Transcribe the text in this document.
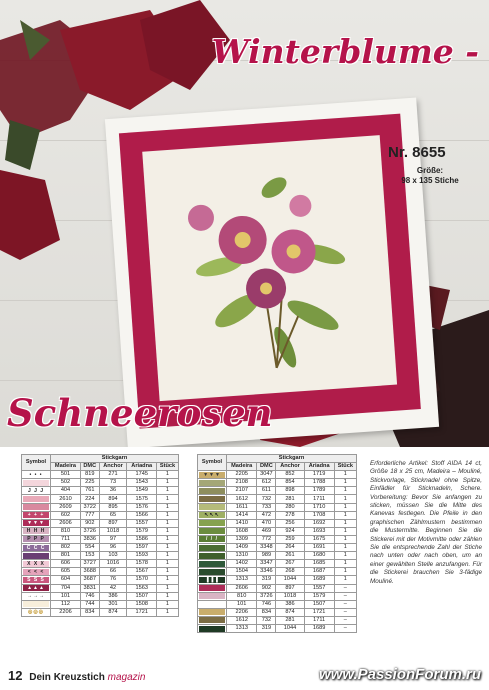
Winterblume -
Nr. 8655
Größe:
98 x 135 Stiche
Schneerosen
Symbol	Stickgarn				
	Madeira	DMC	Anchor	Ariadna	Stück

• • •	501	819	271	1745	1

	502	225	73	1543	1

J J J	404	761	36	1549	1

	2610	224	894	1575	1

	2609	3722	895	1576	1

+ + +	602	777	65	1566	1

▼▼▼	2606	902	897	1557	1

H H H	810	3726	1018	1579	1

P P P	711	3836	97	1586	1

C C C	802	554	96	1597	1

	801	153	103	1593	1

X X X	606	3727	1016	1578	1

< < <	605	3688	66	1567	1

S S S	604	3687	76	1570	1

▲▲▲	704	3831	42	1563	1

→→→	101	746	386	1507	1

	112	744	301	1508	1

◎◎◎	2206	834	874	1721	1
Symbol	Stickgarn				
	Madeira	DMC	Anchor	Ariadna	Stück

▼▼▼	2205	3047	852	1719	1

	2108	612	854	1788	1

	2107	611	898	1789	1

	1612	732	281	1711	1

	1611	733	280	1710	1

↖↖↖	1414	472	278	1708	1

	1410	470	256	1692	1

	1608	469	924	1693	1

/ / /	1309	772	259	1675	1

	1409	3348	264	1691	1

	1310	989	261	1680	1

	1402	3347	267	1685	1

	1504	3346	268	1687	1

▐▐▐	1313	319	1044	1689	1

	2606	902	897	1557	–

	810	3726	1018	1579	–

	101	746	386	1507	–

	2206	834	874	1721	–

	1612	732	281	1711	–

	1313	319	1044	1689	–
Erforderliche Artikel: Stoff AIDA 14 ct, Größe 18 x 25 cm, Madeira – Mouliné, Stickvorlage, Sticknadel ohne Spitze, Einfädler für Sticknadeln, Schere. Vorbereitung: Bevor Sie anfangen zu sticken, müssen Sie die Mitte des Kanevas festlegen. Die Pfeile in den graphischen Zählmustern bestimmen die Mustermitte. Beginnen Sie die Stickerei mit der Motivmitte oder zählen Sie die entsprechende Zahl der Stiche nach unten oder nach oben, um an einer gewählten Stelle anzufangen. Für die Stickerei brauchen Sie 3-fädige Mouliné.
12 Dein Kreuzstich magazin	www.PassionForum.ru
